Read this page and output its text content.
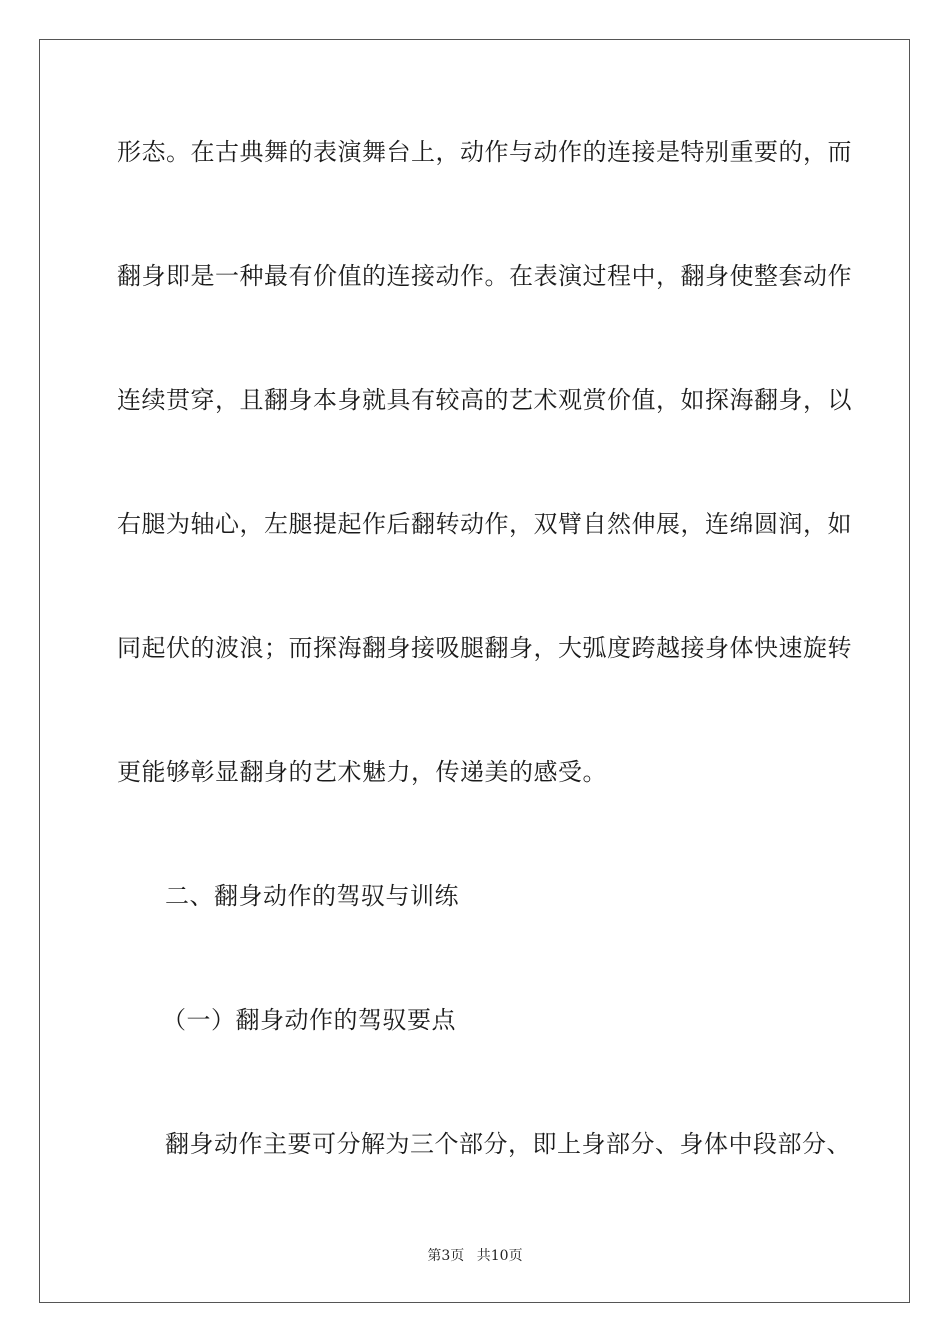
形态。在古典舞的表演舞台上，动作与动作的连接是特别重要的，而
翻身即是一种最有价值的连接动作。在表演过程中，翻身使整套动作
连续贯穿，且翻身本身就具有较高的艺术观赏价值，如探海翻身，以
右腿为轴心，左腿提起作后翻转动作，双臂自然伸展，连绵圆润，如
同起伏的波浪；而探海翻身接吸腿翻身，大弧度跨越接身体快速旋转
更能够彰显翻身的艺术魅力，传递美的感受。
二、翻身动作的驾驭与训练
（一）翻身动作的驾驭要点
翻身动作主要可分解为三个部分，即上身部分、身体中段部分、
第3页 共10页
